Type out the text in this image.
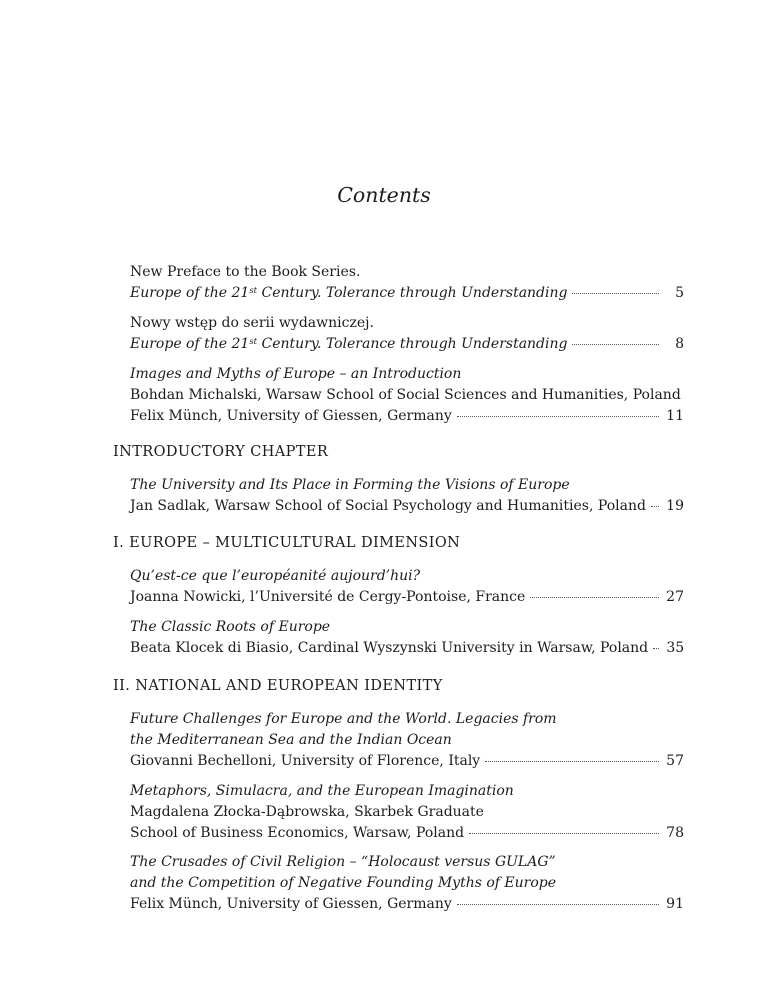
Contents
New Preface to the Book Series.
Europe of the 21st Century. Tolerance through Understanding	5
Nowy wstęp do serii wydawniczej.
Europe of the 21st Century. Tolerance through Understanding	8
Images and Myths of Europe – an Introduction
Bohdan Michalski, Warsaw School of Social Sciences and Humanities, Poland
Felix Münch, University of Giessen, Germany	11
INTRODUCTORY CHAPTER
The University and Its Place in Forming the Visions of Europe
Jan Sadlak, Warsaw School of Social Psychology and Humanities, Poland 19
I. EUROPE – MULTICULTURAL DIMENSION
Qu’est-ce que l’européanité aujourd’hui?
Joanna Nowicki, l’Université de Cergy-Pontoise, France	27
The Classic Roots of Europe
Beata Klocek di Biasio, Cardinal Wyszynski University in Warsaw, Poland 35
II. NATIONAL AND EUROPEAN IDENTITY
Future Challenges for Europe and the World. Legacies from
the Mediterranean Sea and the Indian Ocean
Giovanni Bechelloni, University of Florence, Italy	57
Metaphors, Simulacra, and the European Imagination
Magdalena Złocka-Dąbrowska, Skarbek Graduate
School of Business Economics, Warsaw, Poland	78
The Crusades of Civil Religion – “Holocaust versus GULAG”
and the Competition of Negative Founding Myths of Europe
Felix Münch, University of Giessen, Germany	91
